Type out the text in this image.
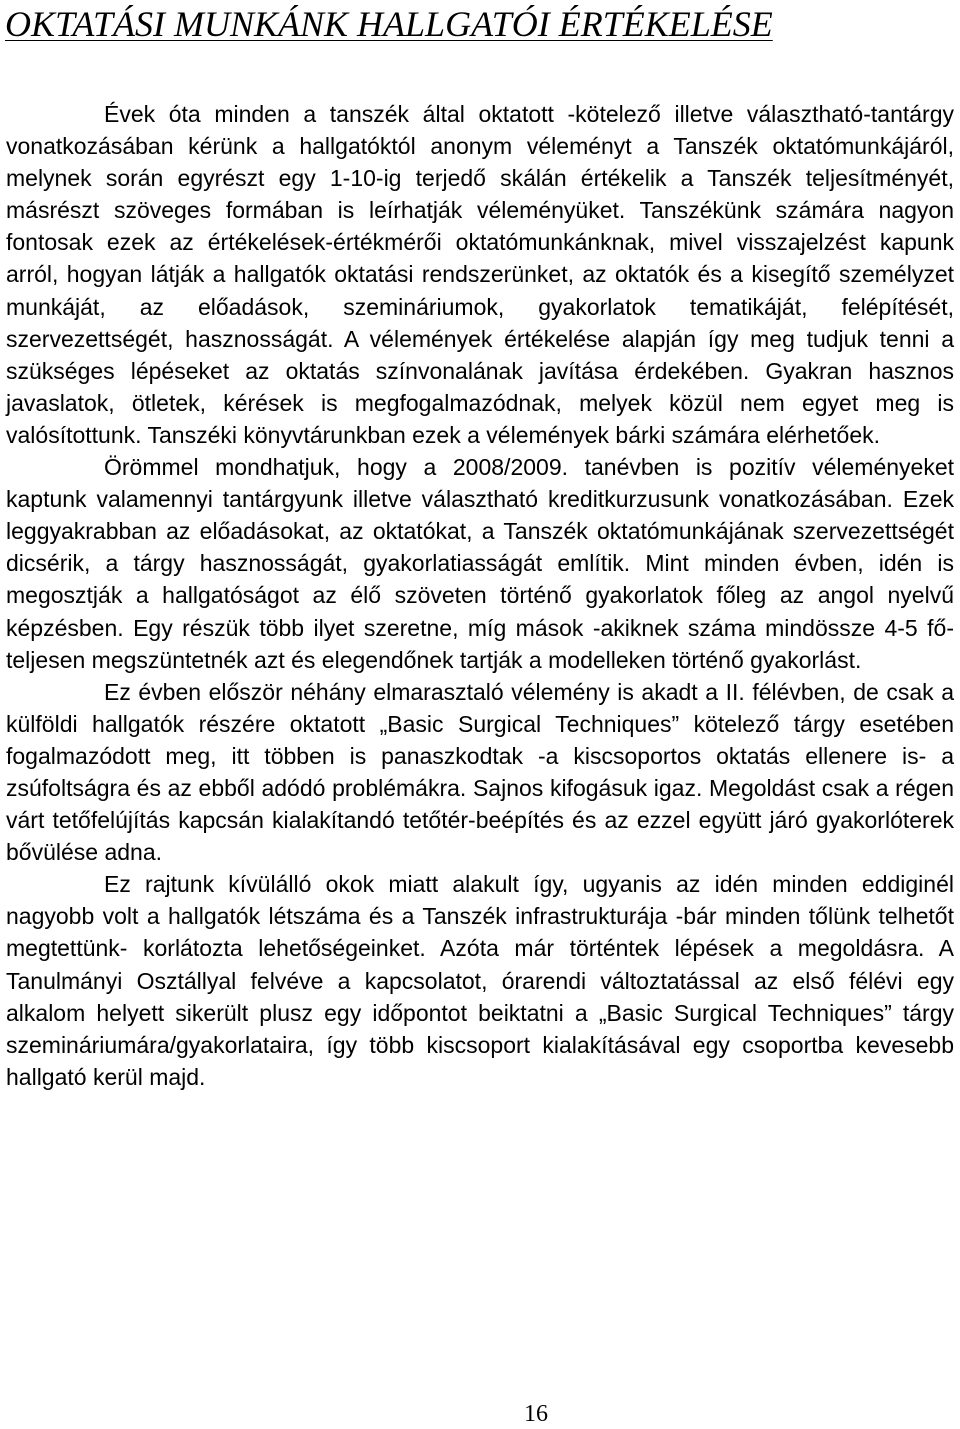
OKTATÁSI MUNKÁNK HALLGATÓI ÉRTÉKELÉSE

Évek óta minden a tanszék által oktatott -kötelező illetve választható-tantárgy vonatkozásában kérünk a hallgatóktól anonym véleményt a Tanszék oktatómunkájáról, melynek során egyrészt egy 1-10-ig terjedő skálán értékelik a Tanszék teljesítményét, másrészt szöveges formában is leírhatják véleményüket. Tanszékünk számára nagyon fontosak ezek az értékelések-értékmérői oktatómunkánknak, mivel visszajelzést kapunk arról, hogyan látják a hallgatók oktatási rendszerünket, az oktatók és a kisegítő személyzet munkáját, az előadások, szemináriumok, gyakorlatok tematikáját, felépítését, szervezettségét, hasznosságát. A vélemények értékelése alapján így meg tudjuk tenni a szükséges lépéseket az oktatás színvonalának javítása érdekében. Gyakran hasznos javaslatok, ötletek, kérések is megfogalmazódnak, melyek közül nem egyet meg is valósítottunk. Tanszéki könyvtárunkban ezek a vélemények bárki számára elérhetőek.

Örömmel mondhatjuk, hogy a 2008/2009. tanévben is pozitív véleményeket kaptunk valamennyi tantárgyunk illetve választható kreditkurzusunk vonatkozásában. Ezek leggyakrabban az előadásokat, az oktatókat, a Tanszék oktatómunkájának szervezettségét dicsérik, a tárgy hasznosságát, gyakorlatiasságát említik. Mint minden évben, idén is megosztják a hallgatóságot az élő szöveten történő gyakorlatok főleg az angol nyelvű képzésben. Egy részük több ilyet szeretne, míg mások -akiknek száma mindössze 4-5 fő- teljesen megszüntetnék azt és elegendőnek tartják a modelleken történő gyakorlást.

Ez évben először néhány elmarasztaló vélemény is akadt a II. félévben, de csak a külföldi hallgatók részére oktatott „Basic Surgical Techniques” kötelező tárgy esetében fogalmazódott meg, itt többen is panaszkodtak -a kiscsoportos oktatás ellenere is- a zsúfoltságra és az ebből adódó problémákra. Sajnos kifogásuk igaz. Megoldást csak a régen várt tetőfelújítás kapcsán kialakítandó tetőtér-beépítés és az ezzel együtt járó gyakorlóterek bővülése adna.

Ez rajtunk kívülálló okok miatt alakult így, ugyanis az idén minden eddiginél nagyobb volt a hallgatók létszáma és a Tanszék infrastrukturája -bár minden tőlünk telhetőt megtettünk- korlátozta lehetőségeinket. Azóta már történtek lépések a megoldásra. A Tanulmányi Osztállyal felvéve a kapcsolatot, órarendi változtatással az első félévi egy alkalom helyett sikerült plusz egy időpontot beiktatni a „Basic Surgical Techniques” tárgy szemináriumára/gyakorlataira, így több kiscsoport kialakításával egy csoportba kevesebb hallgató kerül majd.

16
